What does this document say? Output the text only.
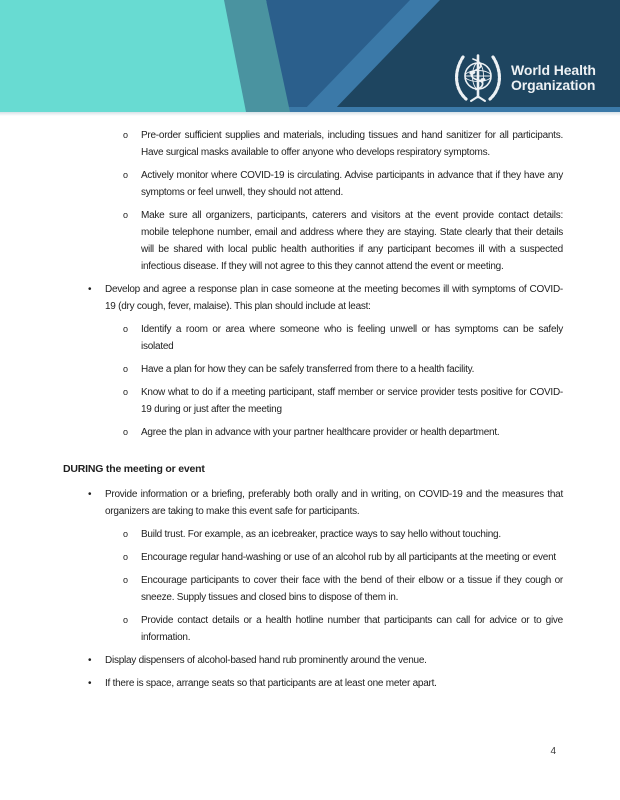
World Health
Organization
o	Pre-order sufficient supplies and materials, including tissues and hand sanitizer for all participants. Have surgical masks available to offer anyone who develops respiratory symptoms.
o	Actively monitor where COVID-19 is circulating. Advise participants in advance that if they have any symptoms or feel unwell, they should not attend.
o	Make sure all organizers, participants, caterers and visitors at the event provide contact details: mobile telephone number, email and address where they are staying. State clearly that their details will be shared with local public health authorities if any participant becomes ill with a suspected infectious disease. If they will not agree to this they cannot attend the event or meeting.
•	Develop and agree a response plan in case someone at the meeting becomes ill with symptoms of COVID-19 (dry cough, fever, malaise). This plan should include at least:
o	Identify a room or area where someone who is feeling unwell or has symptoms can be safely isolated
o	Have a plan for how they can be safely transferred from there to a health facility.
o	Know what to do if a meeting participant, staff member or service provider tests positive for COVID-19 during or just after the meeting
o	Agree the plan in advance with your partner healthcare provider or health department.
DURING the meeting or event
•	Provide information or a briefing, preferably both orally and in writing, on COVID-19 and the measures that organizers are taking to make this event safe for participants.
o	Build trust. For example, as an icebreaker, practice ways to say hello without touching.
o	Encourage regular hand-washing or use of an alcohol rub by all participants at the meeting or event
o	Encourage participants to cover their face with the bend of their elbow or a tissue if they cough or sneeze. Supply tissues and closed bins to dispose of them in.
o	Provide contact details or a health hotline number that participants can call for advice or to give information.
•	Display dispensers of alcohol-based hand rub prominently around the venue.
•	If there is space, arrange seats so that participants are at least one meter apart.
4
